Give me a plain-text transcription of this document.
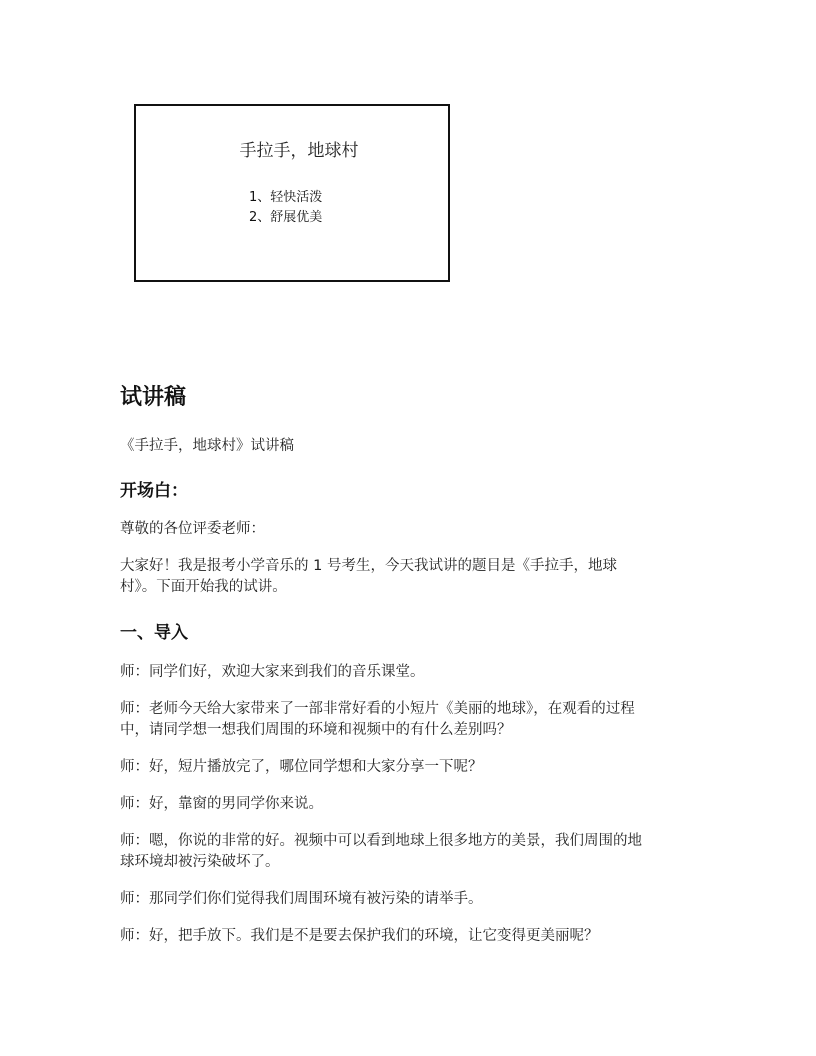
手拉手，地球村
1、轻快活泼
2、舒展优美
试讲稿
《手拉手，地球村》试讲稿
开场白：
尊敬的各位评委老师：
大家好！我是报考小学音乐的 1 号考生，今天我试讲的题目是《手拉手，地球
村》。下面开始我的试讲。
一、导入
师：同学们好，欢迎大家来到我们的音乐课堂。
师：老师今天给大家带来了一部非常好看的小短片《美丽的地球》，在观看的过程
中，请同学想一想我们周围的环境和视频中的有什么差别吗？
师：好，短片播放完了，哪位同学想和大家分享一下呢？
师：好，靠窗的男同学你来说。
师：嗯，你说的非常的好。视频中可以看到地球上很多地方的美景，我们周围的地
球环境却被污染破坏了。
师：那同学们你们觉得我们周围环境有被污染的请举手。
师：好，把手放下。我们是不是要去保护我们的环境，让它变得更美丽呢？
